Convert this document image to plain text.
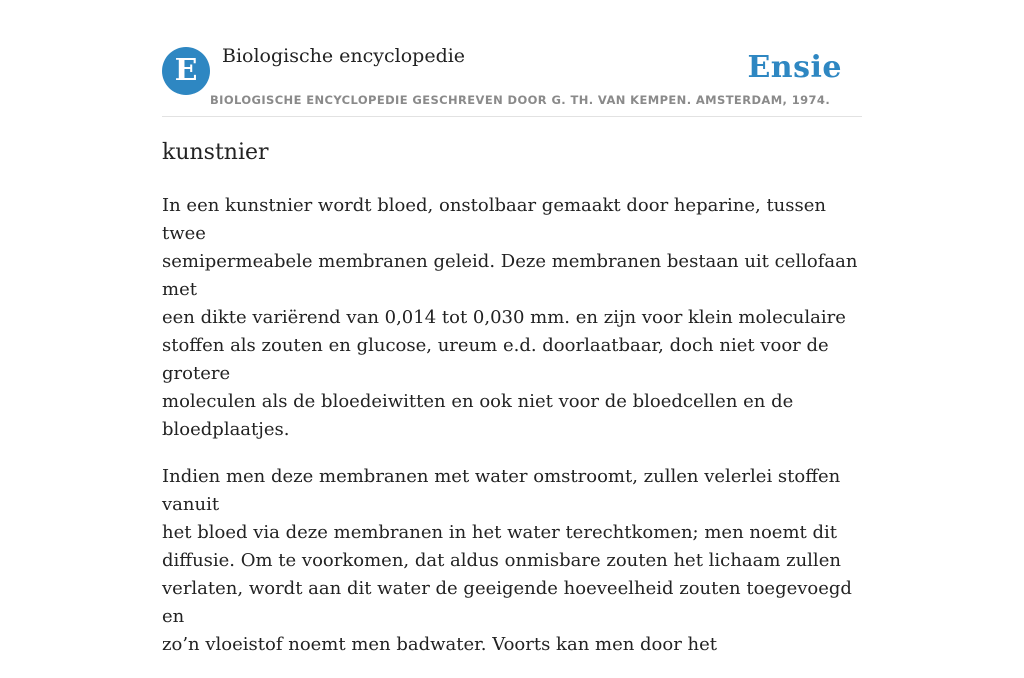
E	Biologische encyclopedie
BIOLOGISCHE ENCYCLOPEDIE GESCHREVEN DOOR G. TH. VAN KEMPEN. AMSTERDAM, 1974.
Ensie
kunstnier

In een kunstnier wordt bloed, onstolbaar gemaakt door heparine, tussen twee
semipermeabele membranen geleid. Deze membranen bestaan uit cellofaan met
een dikte variërend van 0,014 tot 0,030 mm. en zijn voor klein moleculaire
stoffen als zouten en glucose, ureum e.d. doorlaatbaar, doch niet voor de grotere
moleculen als de bloedeiwitten en ook niet voor de bloedcellen en de
bloedplaatjes.

Indien men deze membranen met water omstroomt, zullen velerlei stoffen vanuit
het bloed via deze membranen in het water terechtkomen; men noemt dit
diffusie. Om te voorkomen, dat aldus onmisbare zouten het lichaam zullen
verlaten, wordt aan dit water de geeigende hoeveelheid zouten toegevoegd en
zo’n vloeistof noemt men badwater. Voorts kan men door het
